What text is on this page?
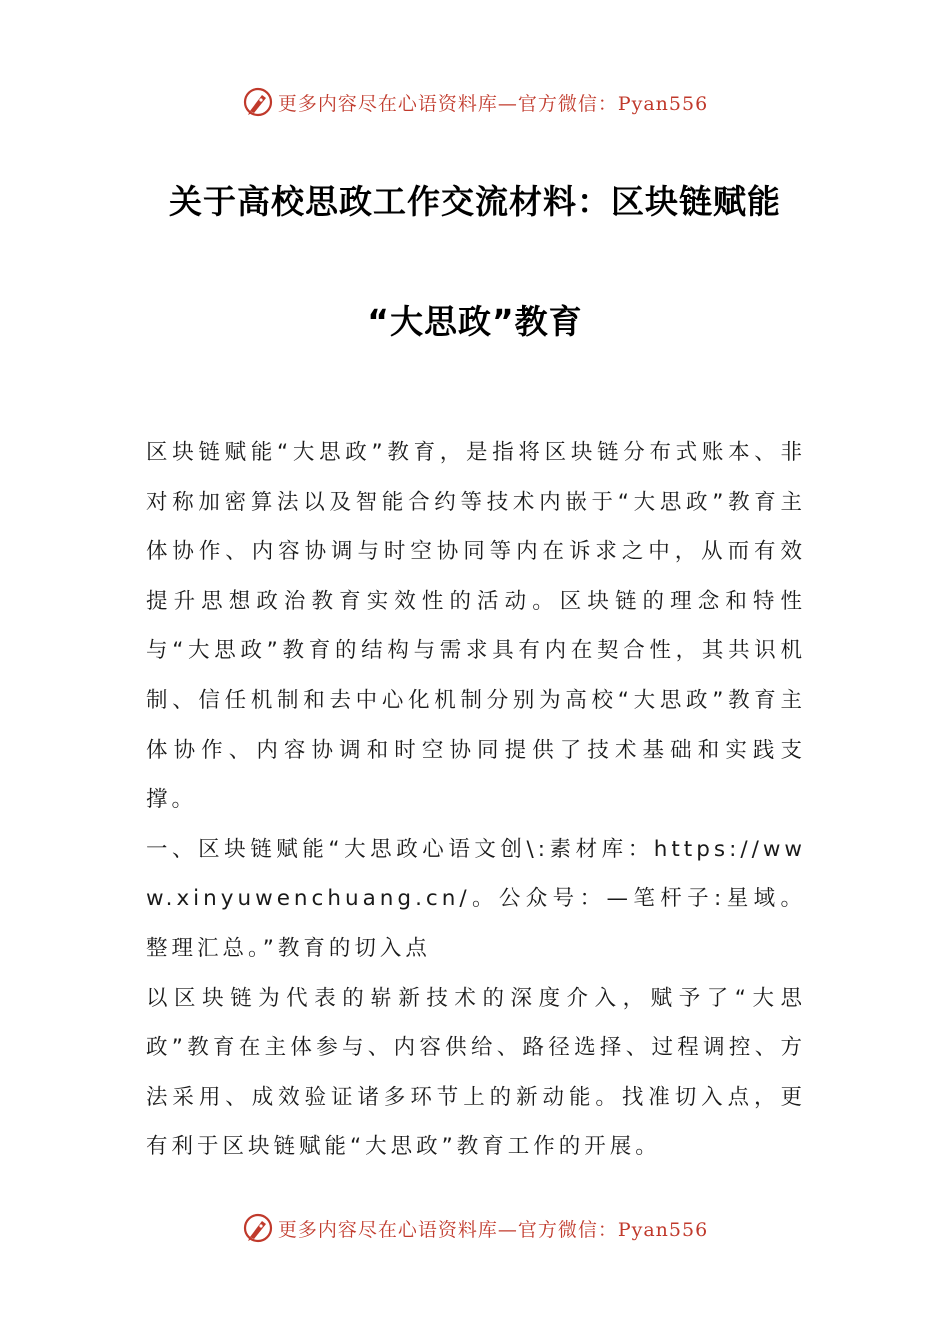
更多内容尽在心语资料库—官方微信：Pyan556
关于高校思政工作交流材料：区块链赋能
“大思政”教育

区块链赋能“大思政”教育，是指将区块链分布式账本、非对称加密算法以及智能合约等技术内嵌于“大思政”教育主体协作、内容协调与时空协同等内在诉求之中，从而有效提升思想政治教育实效性的活动。区块链的理念和特性与“大思政”教育的结构与需求具有内在契合性，其共识机制、信任机制和去中心化机制分别为高校“大思政”教育主体协作、内容协调和时空协同提供了技术基础和实践支撑。

一、区块链赋能“大思政心语文创\:素材库：https://www.xinyuwenchuang.cn/。公众号：—笔杆子:星域。整理汇总。”教育的切入点

以区块链为代表的崭新技术的深度介入，赋予了“大思政”教育在主体参与、内容供给、路径选择、过程调控、方法采用、成效验证诸多环节上的新动能。找准切入点，更有利于区块链赋能“大思政”教育工作的开展。

更多内容尽在心语资料库—官方微信：Pyan556
